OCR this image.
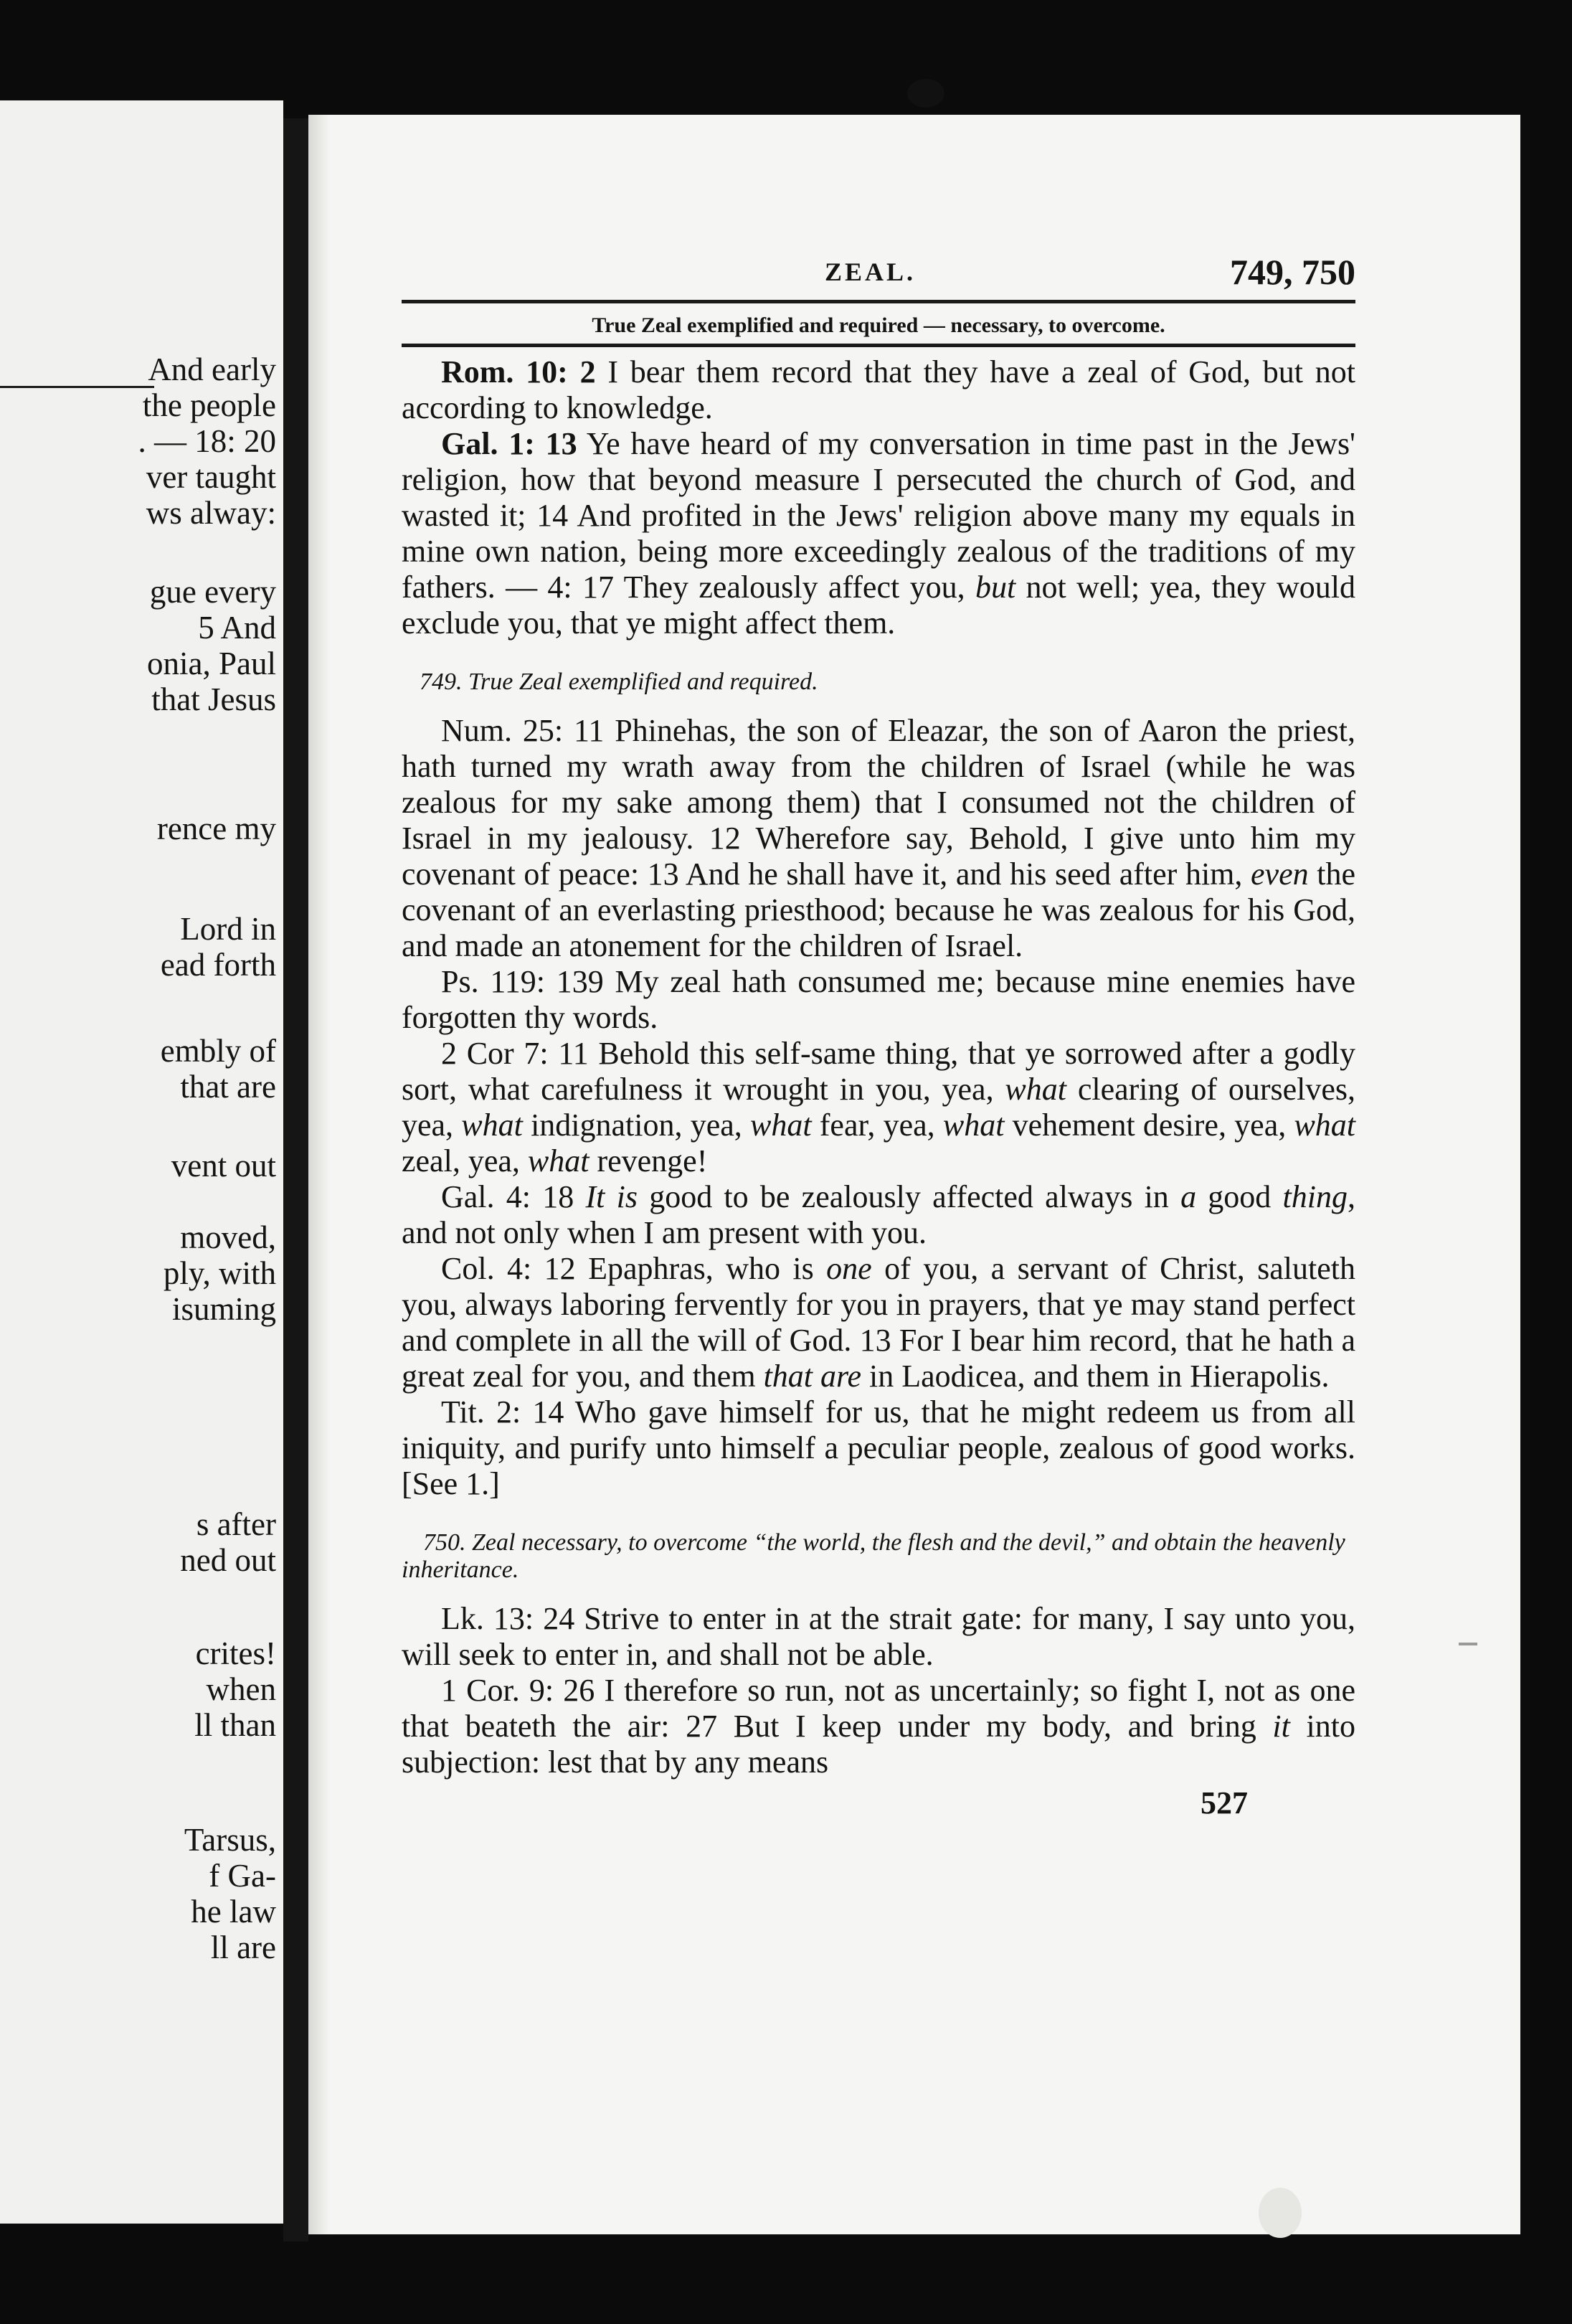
And early
the people
. — 18: 20
ver taught
ws alway:
gue every
5 And
onia, Paul
that Jesus
rence my
Lord in
ead forth
embly of
that are
vent out
moved,
ply, with
isuming
s after
ned out
crites!
when
ll than
Tarsus,
f Ga-
he law
ll are
ZEAL.	749, 750
True Zeal exemplified and required — necessary, to overcome.

Rom. 10: 2 I bear them record that they have a zeal of God, but not according to knowledge.

Gal. 1: 13 Ye have heard of my conversation in time past in the Jews' religion, how that beyond measure I persecuted the church of God, and wasted it; 14 And profited in the Jews' religion above many my equals in mine own nation, being more exceedingly zealous of the traditions of my fathers. — 4: 17 They zealously affect you, but not well; yea, they would exclude you, that ye might affect them.

749. True Zeal exemplified and required.

Num. 25: 11 Phinehas, the son of Eleazar, the son of Aaron the priest, hath turned my wrath away from the children of Israel (while he was zealous for my sake among them) that I consumed not the children of Israel in my jealousy. 12 Wherefore say, Behold, I give unto him my covenant of peace: 13 And he shall have it, and his seed after him, even the covenant of an everlasting priesthood; because he was zealous for his God, and made an atonement for the children of Israel.

Ps. 119: 139 My zeal hath consumed me; because mine enemies have forgotten thy words.

2 Cor 7: 11 Behold this self-same thing, that ye sorrowed after a godly sort, what carefulness it wrought in you, yea, what clearing of ourselves, yea, what indignation, yea, what fear, yea, what vehement desire, yea, what zeal, yea, what revenge!

Gal. 4: 18 It is good to be zealously affected always in a good thing, and not only when I am present with you.

Col. 4: 12 Epaphras, who is one of you, a servant of Christ, saluteth you, always laboring fervently for you in prayers, that ye may stand perfect and complete in all the will of God. 13 For I bear him record, that he hath a great zeal for you, and them that are in Laodicea, and them in Hierapolis.

Tit. 2: 14 Who gave himself for us, that he might redeem us from all iniquity, and purify unto himself a peculiar people, zealous of good works. [See 1.]

750. Zeal necessary, to overcome “the world, the flesh and the devil,” and obtain the heavenly inheritance.

Lk. 13: 24 Strive to enter in at the strait gate: for many, I say unto you, will seek to enter in, and shall not be able.

1 Cor. 9: 26 I therefore so run, not as uncertainly; so fight I, not as one that beateth the air: 27 But I keep under my body, and bring it into subjection: lest that by any means

527
